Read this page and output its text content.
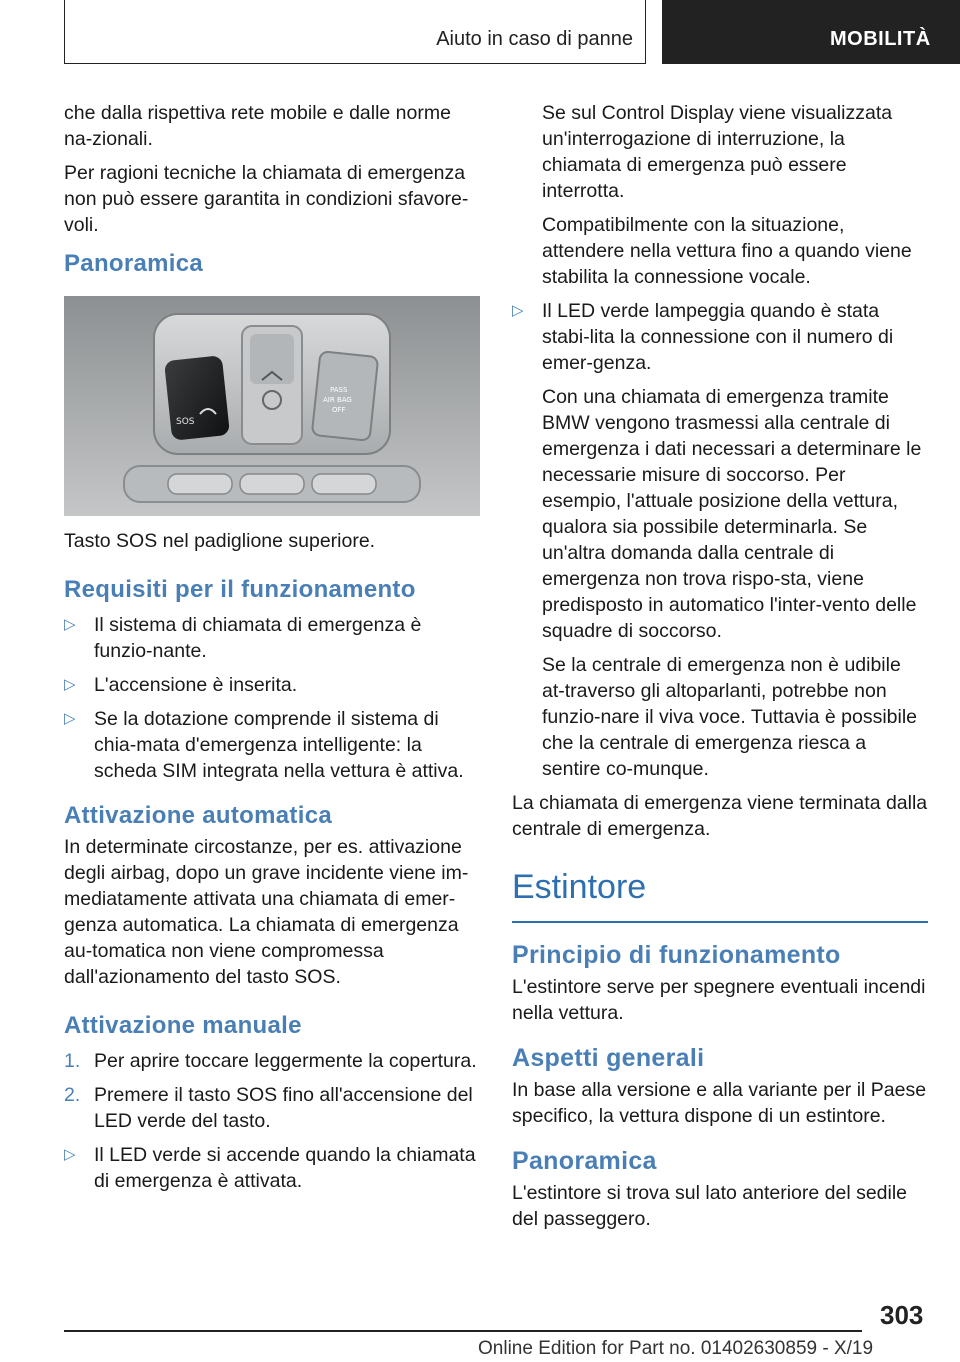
Aiuto in caso di panne	MOBILITÀ

che dalla rispettiva rete mobile e dalle norme na-zionali.

Per ragioni tecniche la chiamata di emergenza non può essere garantita in condizioni sfavore-voli.

Panoramica
SOS
PASS
AIR BAG
OFF

Tasto SOS nel padiglione superiore.

Requisiti per il funzionamento
▷ Il sistema di chiamata di emergenza è funzio-nante.
▷ L'accensione è inserita.
▷ Se la dotazione comprende il sistema di chia-mata d'emergenza intelligente: la scheda SIM integrata nella vettura è attiva.
Attivazione automatica

In determinate circostanze, per es. attivazione degli airbag, dopo un grave incidente viene im-mediatamente attivata una chiamata di emer-genza automatica. La chiamata di emergenza au-tomatica non viene compromessa dall'azionamento del tasto SOS.

Attivazione manuale
1. Per aprire toccare leggermente la copertura.
2. Premere il tasto SOS fino all'accensione del LED verde del tasto.
▷ Il LED verde si accende quando la chiamata di emergenza è attivata.

Se sul Control Display viene visualizzata un'interrogazione di interruzione, la chiamata di emergenza può essere interrotta.

Compatibilmente con la situazione, attendere nella vettura fino a quando viene stabilita la connessione vocale.

▷ Il LED verde lampeggia quando è stata stabi-lita la connessione con il numero di emer-genza.

Con una chiamata di emergenza tramite BMW vengono trasmessi alla centrale di emergenza i dati necessari a determinare le necessarie misure di soccorso. Per esempio, l'attuale posizione della vettura, qualora sia possibile determinarla. Se un'altra domanda dalla centrale di emergenza non trova rispo-sta, viene predisposto in automatico l'inter-vento delle squadre di soccorso.

Se la centrale di emergenza non è udibile at-traverso gli altoparlanti, potrebbe non funzio-nare il viva voce. Tuttavia è possibile che la centrale di emergenza riesca a sentire co-munque.

La chiamata di emergenza viene terminata dalla centrale di emergenza.

Estintore
Principio di funzionamento

L'estintore serve per spegnere eventuali incendi nella vettura.

Aspetti generali

In base alla versione e alla variante per il Paese specifico, la vettura dispone di un estintore.

Panoramica

L'estintore si trova sul lato anteriore del sedile del passeggero.

303
Online Edition for Part no. 01402630859 - X/19
